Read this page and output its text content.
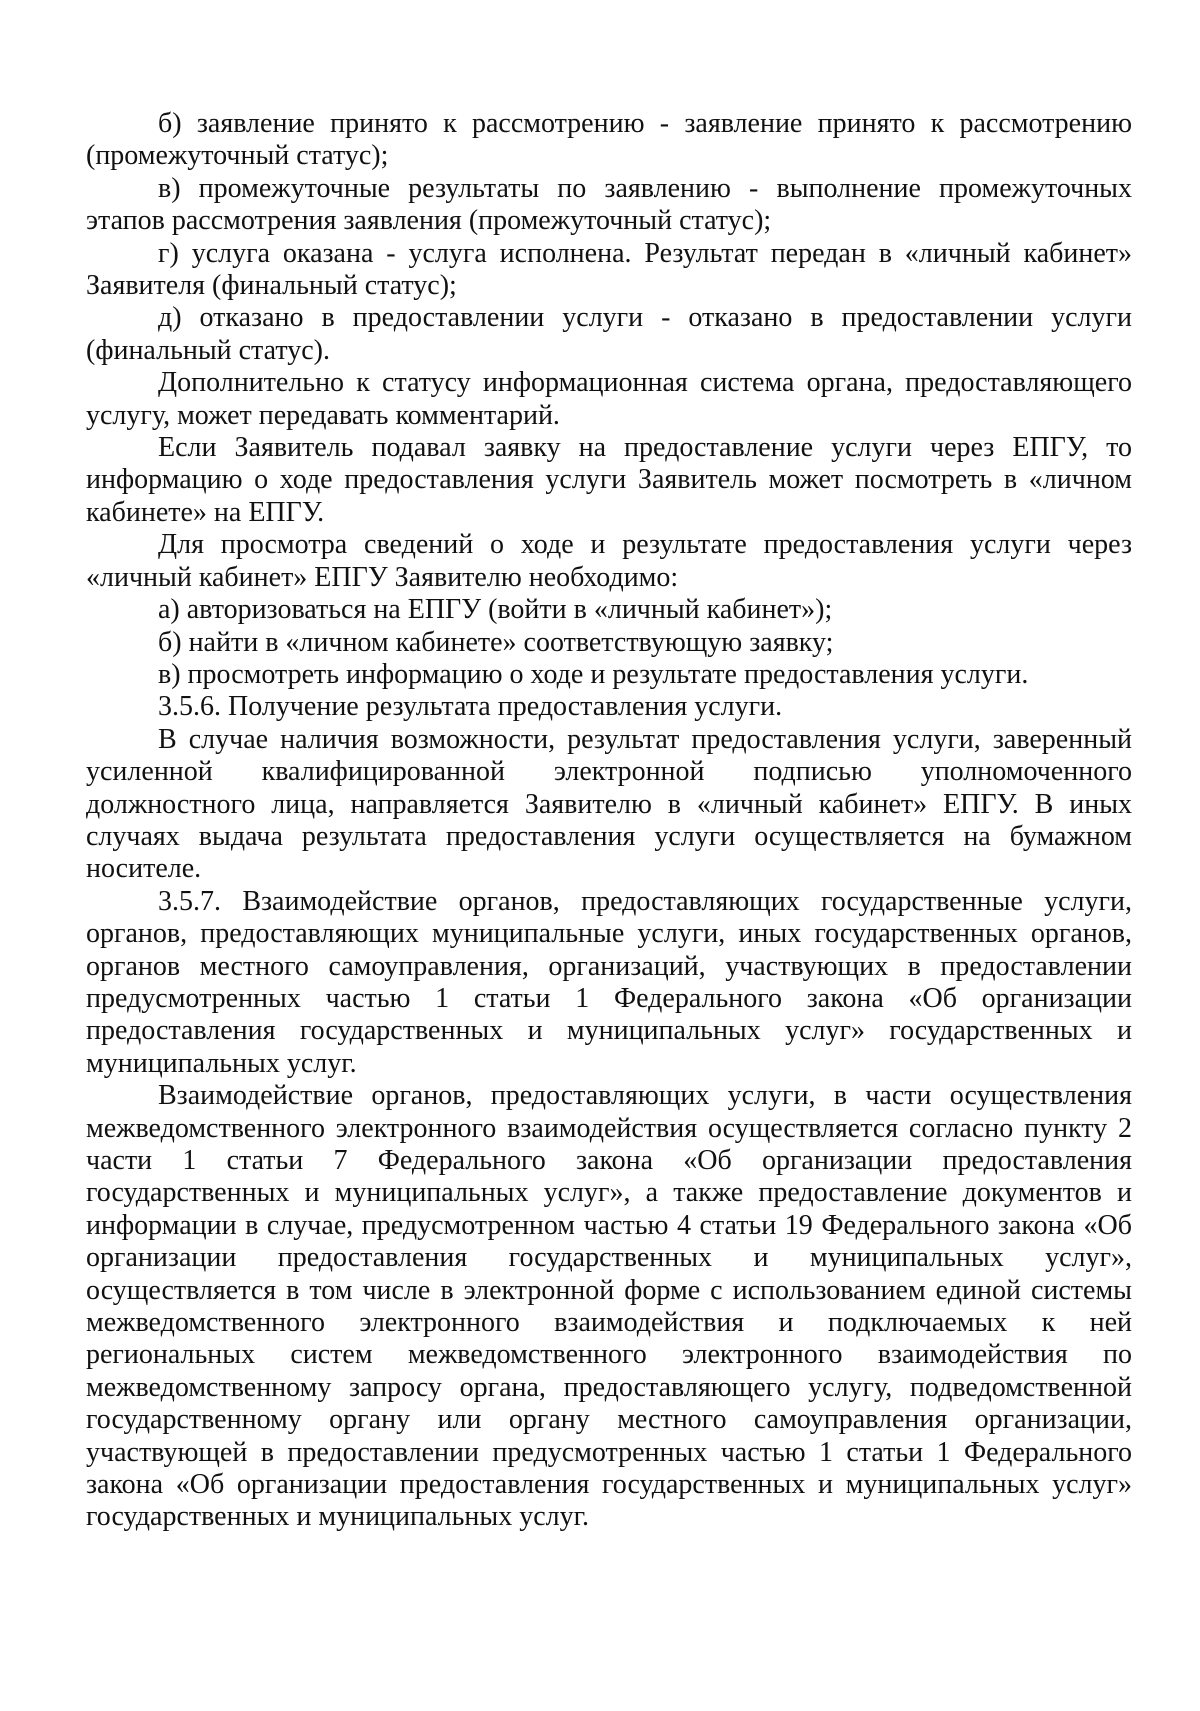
б) заявление принято к рассмотрению - заявление принято к рассмотрению (промежуточный статус);

в) промежуточные результаты по заявлению - выполнение промежуточных этапов рассмотрения заявления (промежуточный статус);

г) услуга оказана - услуга исполнена. Результат передан в «личный кабинет» Заявителя (финальный статус);

д) отказано в предоставлении услуги - отказано в предоставлении услуги (финальный статус).

Дополнительно к статусу информационная система органа, предоставляющего услугу, может передавать комментарий.

Если Заявитель подавал заявку на предоставление услуги через ЕПГУ, то информацию о ходе предоставления услуги Заявитель может посмотреть в «личном кабинете» на ЕПГУ.

Для просмотра сведений о ходе и результате предоставления услуги через «личный кабинет» ЕПГУ Заявителю необходимо:

а) авторизоваться на ЕПГУ (войти в «личный кабинет»);

б) найти в «личном кабинете» соответствующую заявку;

в) просмотреть информацию о ходе и результате предоставления услуги.

3.5.6. Получение результата предоставления услуги.

В случае наличия возможности, результат предоставления услуги, заверенный усиленной квалифицированной электронной подписью уполномоченного должностного лица, направляется Заявителю в «личный кабинет» ЕПГУ. В иных случаях выдача результата предоставления услуги осуществляется на бумажном носителе.

3.5.7. Взаимодействие органов, предоставляющих государственные услуги, органов, предоставляющих муниципальные услуги, иных государственных органов, органов местного самоуправления, организаций, участвующих в предоставлении предусмотренных частью 1 статьи 1 Федерального закона «Об организации предоставления государственных и муниципальных услуг» государственных и муниципальных услуг.

Взаимодействие органов, предоставляющих услуги, в части осуществления межведомственного электронного взаимодействия осуществляется согласно пункту 2 части 1 статьи 7 Федерального закона «Об организации предоставления государственных и муниципальных услуг», а также предоставление документов и информации в случае, предусмотренном частью 4 статьи 19 Федерального закона «Об организации предоставления государственных и муниципальных услуг», осуществляется в том числе в электронной форме с использованием единой системы межведомственного электронного взаимодействия и подключаемых к ней региональных систем межведомственного электронного взаимодействия по межведомственному запросу органа, предоставляющего услугу, подведомственной государственному органу или органу местного самоуправления организации, участвующей в предоставлении предусмотренных частью 1 статьи 1 Федерального закона «Об организации предоставления государственных и муниципальных услуг» государственных и муниципальных услуг.
